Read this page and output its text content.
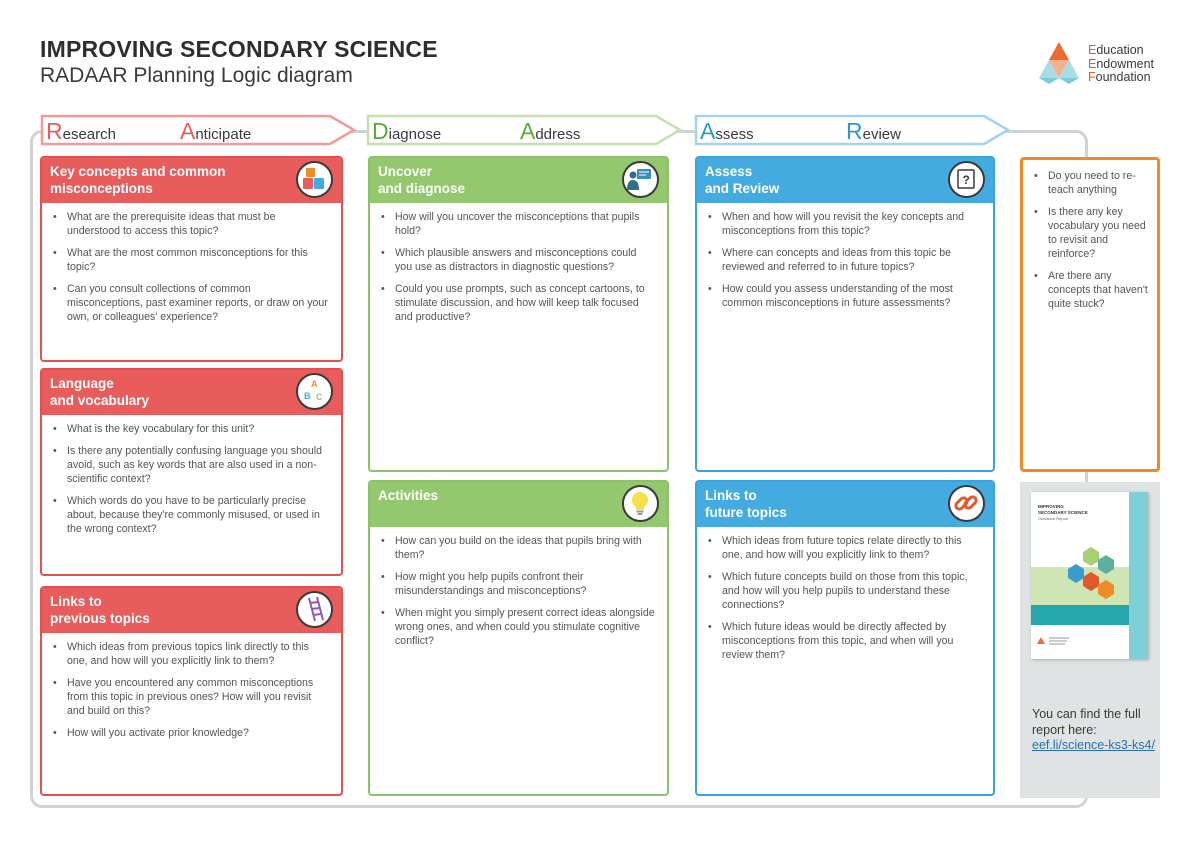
IMPROVING SECONDARY SCIENCE
RADAAR Planning Logic diagram
Education
Endowment
Foundation
Research	Anticipate	Diagnose	Address	Assess	Review
Key concepts and common
misconceptions
• What are the prerequisite ideas that must be understood to access this topic?
• What are the most common misconceptions for this topic?
• Can you consult collections of common misconceptions, past examiner reports, or draw on your own, or colleagues' experience?
Language
and vocabulary
A
B C
• What is the key vocabulary for this unit?
• Is there any potentially confusing language you should avoid, such as key words that are also used in a non-scientific context?
• Which words do you have to be particularly precise about, because they're commonly misused, or used in the wrong context?
Links to
previous topics
• Which ideas from previous topics link directly to this one, and how will you explicitly link to them?
• Have you encountered any common misconceptions from this topic in previous ones? How will you revisit and build on this?
• How will you activate prior knowledge?
Uncover
and diagnose
• How will you uncover the misconceptions that pupils hold?
• Which plausible answers and misconceptions could you use as distractors in diagnostic questions?
• Could you use prompts, such as concept cartoons, to stimulate discussion, and how will keep talk focused and productive?
Activities
• How can you build on the ideas that pupils bring with them?
• How might you help pupils confront their misunderstandings and misconceptions?
• When might you simply present correct ideas alongside wrong ones, and when could you stimulate cognitive conflict?
Assess
and Review
?
• When and how will you revisit the key concepts and misconceptions from this topic?
• Where can concepts and ideas from this topic be reviewed and referred to in future topics?
• How could you assess understanding of the most common misconceptions in future assessments?
Links to
future topics
• Which ideas from future topics relate directly to this one, and how will you explicitly link to them?
• Which future concepts build on those from this topic, and how will you help pupils to understand these connections?
• Which future ideas would be directly affected by misconceptions from this topic, and when will you review them?
• Do you need to re-teach anything
• Is there any key vocabulary you need to revisit and reinforce?
• Are there any concepts that haven't quite stuck?
IMPROVING
SECONDARY SCIENCE
Guidance Report
You can find the full report here: eef.li/science-ks3-ks4/
